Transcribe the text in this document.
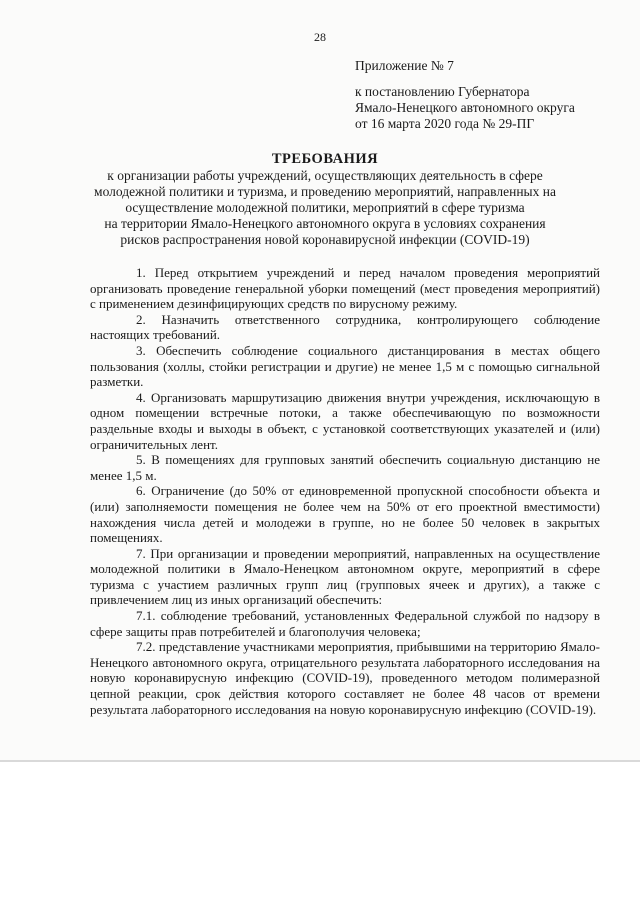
28
Приложение № 7
к постановлению Губернатора
Ямало-Ненецкого автономного округа
от 16 марта 2020 года № 29-ПГ
ТРЕБОВАНИЯ
к организации работы учреждений, осуществляющих деятельность в сфере
молодежной политики и туризма, и проведению мероприятий, направленных на
осуществление молодежной политики, мероприятий в сфере туризма
на территории Ямало-Ненецкого автономного округа в условиях сохранения
рисков распространения новой коронавирусной инфекции (COVID-19)

1. Перед открытием учреждений и перед началом проведения мероприятий организовать проведение генеральной уборки помещений (мест проведения мероприятий) с применением дезинфицирующих средств по вирусному режиму.

2. Назначить ответственного сотрудника, контролирующего соблюдение настоящих требований.

3. Обеспечить соблюдение социального дистанцирования в местах общего пользования (холлы, стойки регистрации и другие) не менее 1,5 м с помощью сигнальной разметки.

4. Организовать маршрутизацию движения внутри учреждения, исключающую в одном помещении встречные потоки, а также обеспечивающую по возможности раздельные входы и выходы в объект, с установкой соответствующих указателей и (или) ограничительных лент.

5. В помещениях для групповых занятий обеспечить социальную дистанцию не менее 1,5 м.

6. Ограничение (до 50% от единовременной пропускной способности объекта и (или) заполняемости помещения не более чем на 50% от его проектной вместимости) нахождения числа детей и молодежи в группе, но не более 50 человек в закрытых помещениях.

7. При организации и проведении мероприятий, направленных на осуществление молодежной политики в Ямало-Ненецком автономном округе, мероприятий в сфере туризма с участием различных групп лиц (групповых ячеек и других), а также с привлечением лиц из иных организаций обеспечить:

7.1. соблюдение требований, установленных Федеральной службой по надзору в сфере защиты прав потребителей и благополучия человека;

7.2. представление участниками мероприятия, прибывшими на территорию Ямало-Ненецкого автономного округа, отрицательного результата лабораторного исследования на новую коронавирусную инфекцию (COVID-19), проведенного методом полимеразной цепной реакции, срок действия которого составляет не более 48 часов от времени результата лабораторного исследования на новую коронавирусную инфекцию (COVID-19).
